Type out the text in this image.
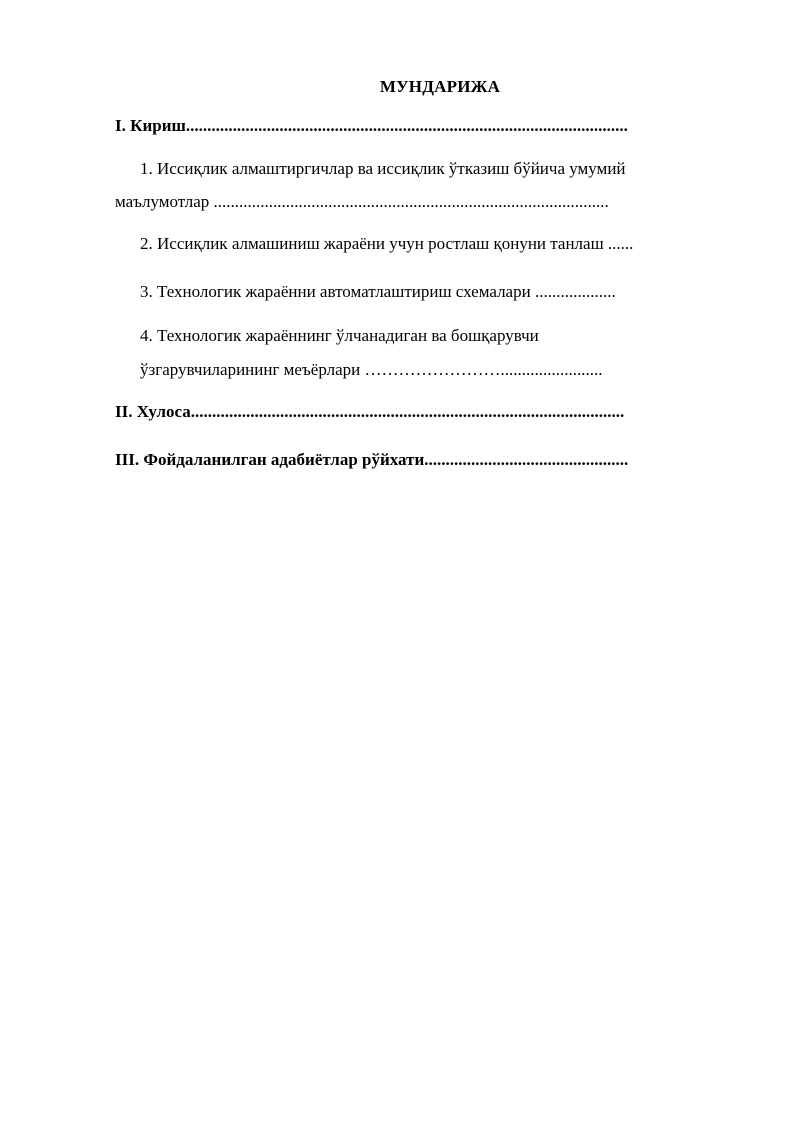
МУНДАРИЖА
I. Кириш........................................................................................................
1. Иссиқлик алмаштиргичлар ва иссиқлик ўтказиш бўйича умумий
маълумотлар .............................................................................................
2. Иссиқлик алмашиниш жараёни учун ростлаш қонуни танлаш ......
3. Технологик жараённи автоматлаштириш схемалари ...................
4. Технологик жараённинг ўлчанадиган ва бошқарувчи
ўзгарувчиларининг меъёрлари ……………………........................
II. Хулоса......................................................................................................
III. Фойдаланилган адабиётлар рўйхати................................................
